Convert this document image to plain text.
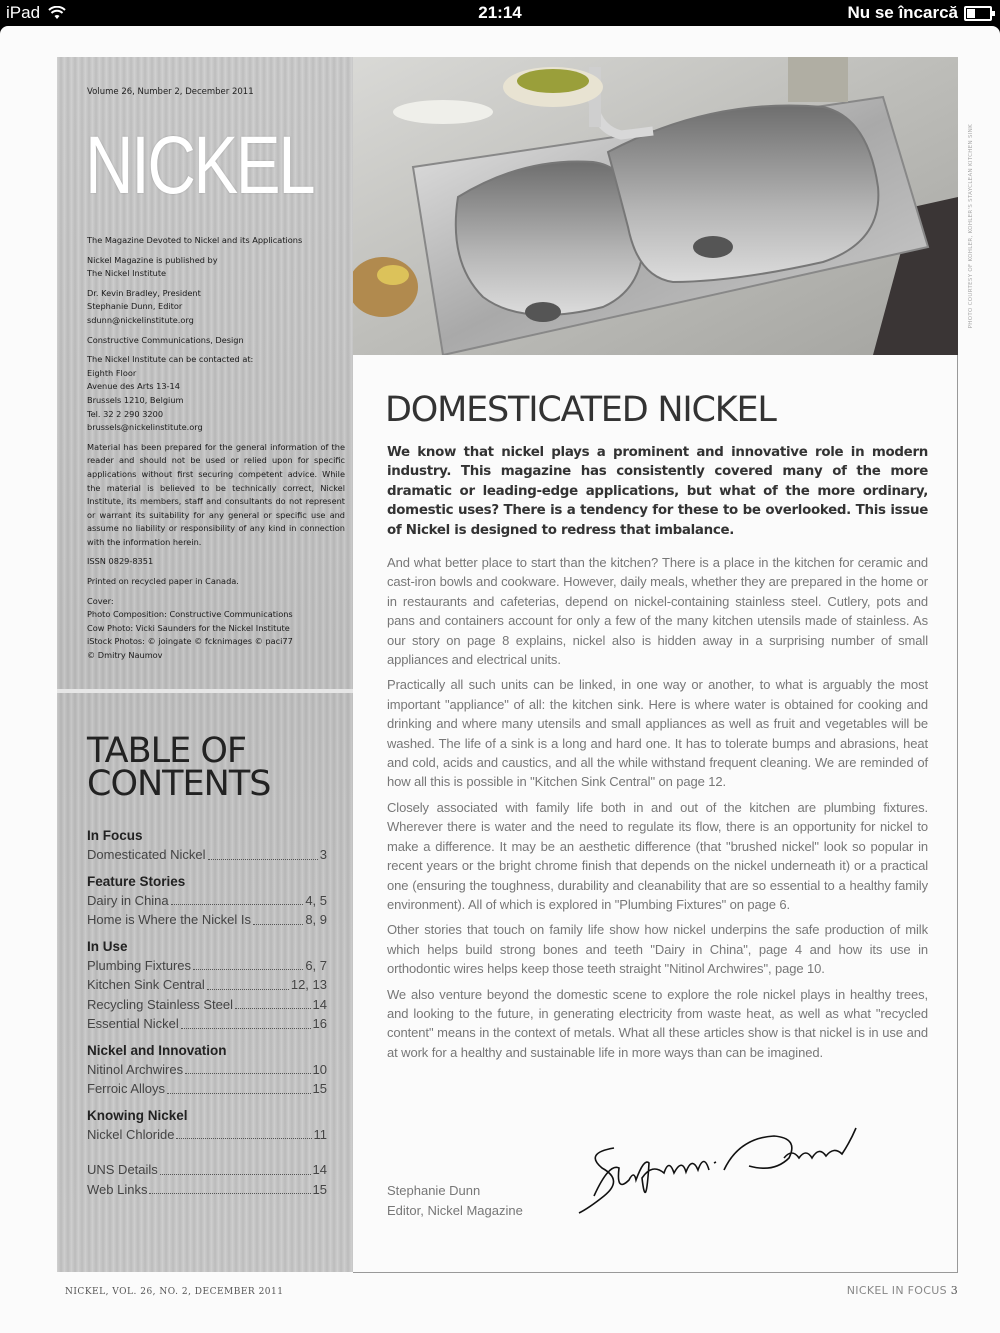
iPad	21:14	Nu se încarcă
Volume 26, Number 2, December 2011
NICKEL

The Magazine Devoted to Nickel and its Applications

Nickel Magazine is published by
The Nickel Institute

Dr. Kevin Bradley, President
Stephanie Dunn, Editor
sdunn@nickelinstitute.org

Constructive Communications, Design

The Nickel Institute can be contacted at:
Eighth Floor
Avenue des Arts 13-14
Brussels 1210, Belgium
Tel. 32 2 290 3200
brussels@nickelinstitute.org

Material has been prepared for the general information of the reader and should not be used or relied upon for specific applications without first securing competent advice. While the material is believed to be technically correct, Nickel Institute, its members, staff and consultants do not represent or warrant its suitability for any general or specific use and assume no liability or responsibility of any kind in connection with the information herein.

ISSN 0829-8351

Printed on recycled paper in Canada.

Cover:
Photo Composition: Constructive Communications
Cow Photo: Vicki Saunders for the Nickel Institute
iStock Photos: © joingate © fcknimages © paci77
© Dmitry Naumov

TABLE OF
CONTENTS
In Focus
Domesticated Nickel	3
Feature Stories
Dairy in China	4, 5
Home is Where the Nickel Is	8, 9
In Use
Plumbing Fixtures	6, 7
Kitchen Sink Central	12, 13
Recycling Stainless Steel	14
Essential Nickel	16
Nickel and Innovation
Nitinol Archwires	10
Ferroic Alloys	15
Knowing Nickel
Nickel Chloride	11
UNS Details	14
Web Links	15
PHOTO COURTESY OF KOHLER, KOHLER'S STAYCLEAN KITCHEN SINK
DOMESTICATED NICKEL
We know that nickel plays a prominent and innovative role in modern industry. This magazine has consistently covered many of the more dramatic or leading-edge applications, but what of the more ordinary, domestic uses? There is a tendency for these to be overlooked. This issue of Nickel is designed to redress that imbalance.

And what better place to start than the kitchen? There is a place in the kitchen for ceramic and cast-iron bowls and cookware. However, daily meals, whether they are prepared in the home or in restaurants and cafeterias, depend on nickel-containing stainless steel. Cutlery, pots and pans and containers account for only a few of the many kitchen utensils made of stainless. As our story on page 8 explains, nickel also is hidden away in a surprising number of small appliances and electrical units.

Practically all such units can be linked, in one way or another, to what is arguably the most important "appliance" of all: the kitchen sink. Here is where water is obtained for cooking and drinking and where many utensils and small appliances as well as fruit and vegetables will be washed. The life of a sink is a long and hard one. It has to tolerate bumps and abrasions, heat and cold, acids and caustics, and all the while withstand frequent cleaning. We are reminded of how all this is possible in "Kitchen Sink Central" on page 12.

Closely associated with family life both in and out of the kitchen are plumbing fixtures. Wherever there is water and the need to regulate its flow, there is an opportunity for nickel to make a difference. It may be an aesthetic difference (that "brushed nickel" look so popular in recent years or the bright chrome finish that depends on the nickel underneath it) or a practical one (ensuring the toughness, durability and cleanability that are so essential to a healthy family environment). All of which is explored in "Plumbing Fixtures" on page 6.

Other stories that touch on family life show how nickel underpins the safe production of milk which helps build strong bones and teeth "Dairy in China", page 4 and how its use in orthodontic wires helps keep those teeth straight "Nitinol Archwires", page 10.

We also venture beyond the domestic scene to explore the role nickel plays in healthy trees, and looking to the future, in generating electricity from waste heat, as well as what "recycled content" means in the context of metals. What all these articles show is that nickel is in use and at work for a healthy and sustainable life in more ways than can be imagined.

Stephanie Dunn
Editor, Nickel Magazine
NICKEL, VOL. 26, NO. 2, DECEMBER 2011	NICKEL IN FOCUS 3
